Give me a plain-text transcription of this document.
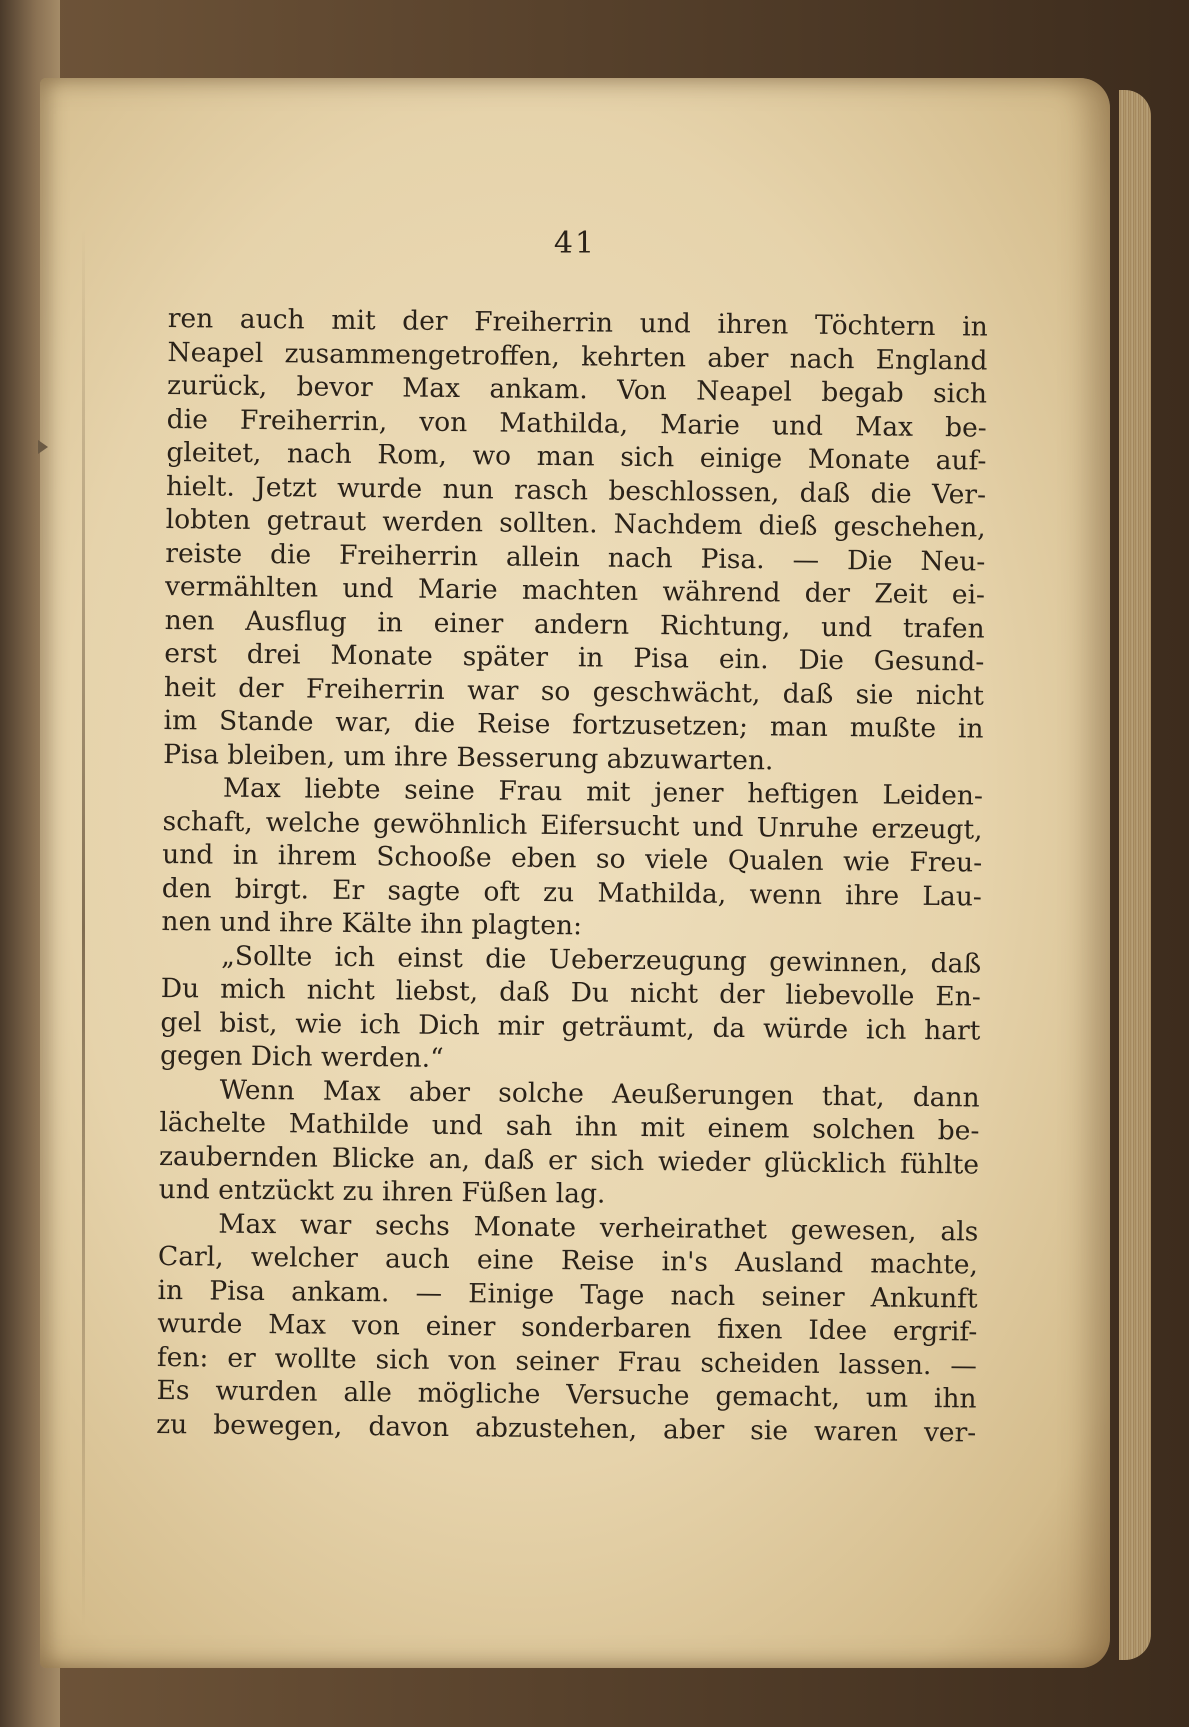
41
ren auch mit der Freiherrin und ihren Töchtern in
Neapel zusammengetroffen, kehrten aber nach England
zurück, bevor Max ankam. Von Neapel begab sich
die Freiherrin, von Mathilda, Marie und Max be-
gleitet, nach Rom, wo man sich einige Monate auf-
hielt. Jetzt wurde nun rasch beschlossen, daß die Ver-
lobten getraut werden sollten. Nachdem dieß geschehen,
reiste die Freiherrin allein nach Pisa. — Die Neu-
vermählten und Marie machten während der Zeit ei-
nen Ausflug in einer andern Richtung, und trafen
erst drei Monate später in Pisa ein. Die Gesund-
heit der Freiherrin war so geschwächt, daß sie nicht
im Stande war, die Reise fortzusetzen; man mußte in
Pisa bleiben, um ihre Besserung abzuwarten.
Max liebte seine Frau mit jener heftigen Leiden-
schaft, welche gewöhnlich Eifersucht und Unruhe erzeugt,
und in ihrem Schooße eben so viele Qualen wie Freu-
den birgt. Er sagte oft zu Mathilda, wenn ihre Lau-
nen und ihre Kälte ihn plagten:
„Sollte ich einst die Ueberzeugung gewinnen, daß
Du mich nicht liebst, daß Du nicht der liebevolle En-
gel bist, wie ich Dich mir geträumt, da würde ich hart
gegen Dich werden.“
Wenn Max aber solche Aeußerungen that, dann
lächelte Mathilde und sah ihn mit einem solchen be-
zaubernden Blicke an, daß er sich wieder glücklich fühlte
und entzückt zu ihren Füßen lag.
Max war sechs Monate verheirathet gewesen, als
Carl, welcher auch eine Reise in's Ausland machte,
in Pisa ankam. — Einige Tage nach seiner Ankunft
wurde Max von einer sonderbaren fixen Idee ergrif-
fen: er wollte sich von seiner Frau scheiden lassen. —
Es wurden alle mögliche Versuche gemacht, um ihn
zu bewegen, davon abzustehen, aber sie waren ver-
